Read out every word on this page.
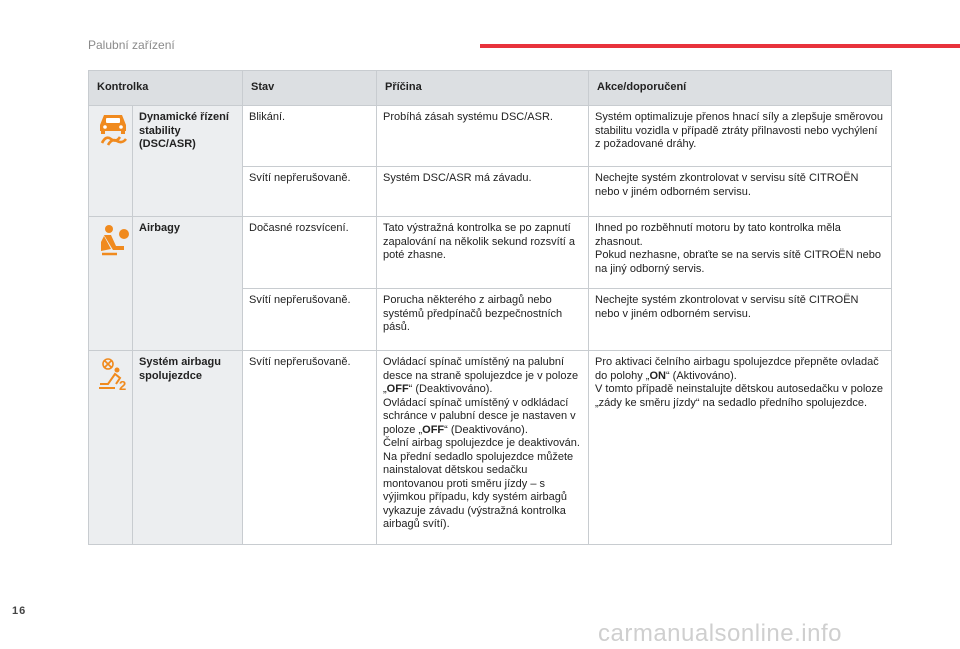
Palubní zařízení
Kontrolka		Stav	Příčina	Akce/doporučení

	Dynamické řízení stability (DSC/ASR)	Blikání.	Probíhá zásah systému DSC/ASR.	Systém optimalizuje přenos hnací síly a zlepšuje směrovou stabilitu vozidla v případě ztráty přilnavosti nebo vychýlení z požadované dráhy.
		Svítí nepřerušovaně.	Systém DSC/ASR má závadu.	Nechejte systém zkontrolovat v servisu sítě CITROËN nebo v jiném odborném servisu.

	Airbagy	Dočasné rozsvícení.	Tato výstražná kontrolka se po zapnutí zapalování na několik sekund rozsvítí a poté zhasne.	Ihned po rozběhnutí motoru by tato kontrolka měla zhasnout.
Pokud nezhasne, obraťte se na servis sítě CITROËN nebo na jiný odborný servis.
		Svítí nepřerušovaně.	Porucha některého z airbagů nebo systémů předpínačů bezpečnostních pásů.	Nechejte systém zkontrolovat v servisu sítě CITROËN nebo v jiném odborném servisu.

2	Systém airbagu spolujezdce	Svítí nepřerušovaně.	Ovládací spínač umístěný na palubní desce na straně spolujezdce je v poloze „OFF“ (Deaktivováno).
Ovládací spínač umístěný v odkládací schránce v palubní desce je nastaven v poloze „OFF“ (Deaktivováno).
Čelní airbag spolujezdce je deaktivován.
Na přední sedadlo spolujezdce můžete nainstalovat dětskou sedačku montovanou proti směru jízdy – s výjimkou případu, kdy systém airbagů vykazuje závadu (výstražná kontrolka airbagů svítí).	Pro aktivaci čelního airbagu spolujezdce přepněte ovladač do polohy „ON“ (Aktivováno).
V tomto případě neinstalujte dětskou autosedačku v poloze „zády ke směru jízdy“ na sedadlo předního spolujezdce.
16
carmanualsonline.info
